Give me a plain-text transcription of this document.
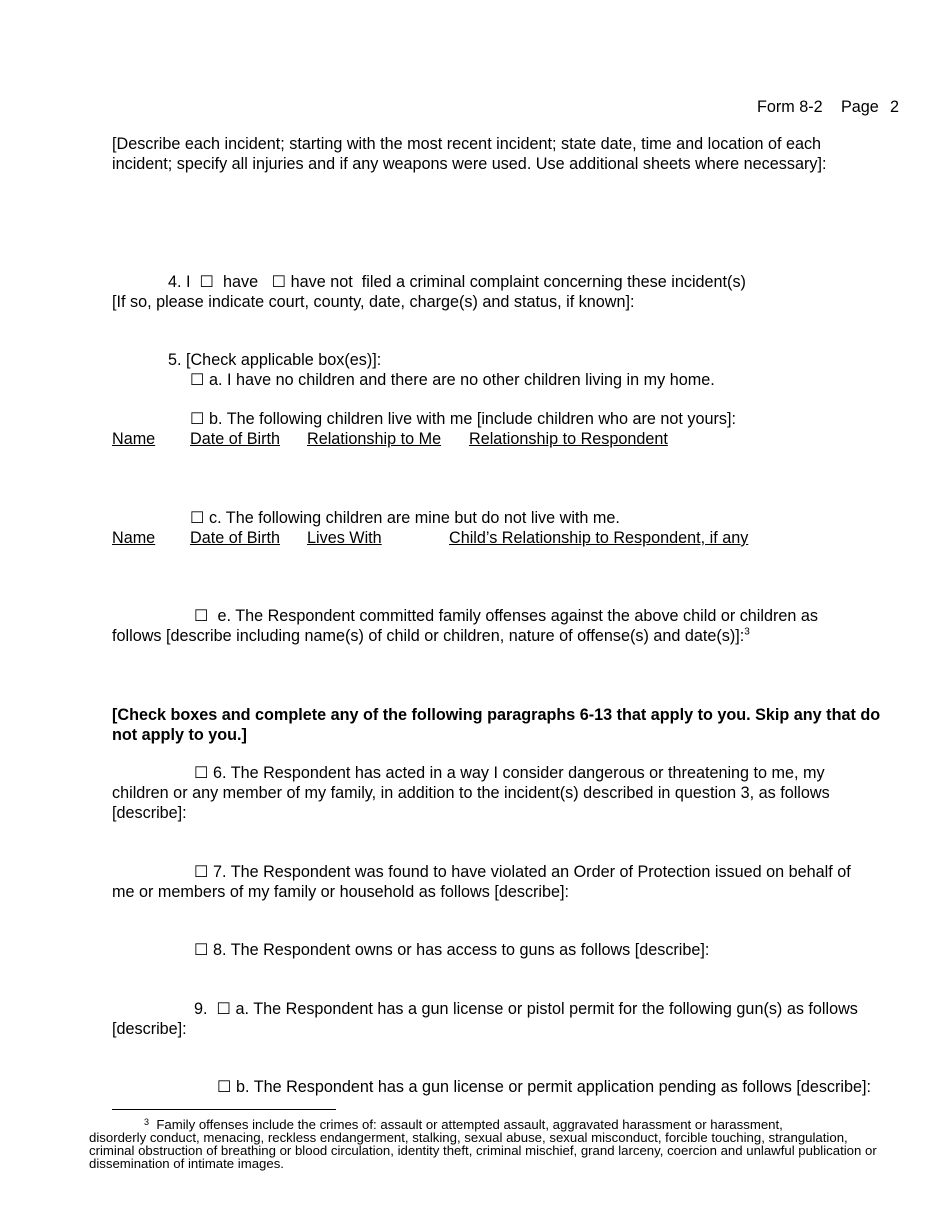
Form 8-2 Page 2
[Describe each incident; starting with the most recent incident; state date, time and location of each incident; specify all injuries and if any weapons were used. Use additional sheets where necessary]:
4. I ☐ have ☐ have not filed a criminal complaint concerning these incident(s)
[If so, please indicate court, county, date, charge(s) and status, if known]:
5. [Check applicable box(es)]:
☐ a. I have no children and there are no other children living in my home.
☐ b. The following children live with me [include children who are not yours]:
Name Date of Birth Relationship to Me Relationship to Respondent
☐ c. The following children are mine but do not live with me.
Name Date of Birth Lives With	Child’s Relationship to Respondent, if any
☐ e. The Respondent committed family offenses against the above child or children as
follows [describe including name(s) of child or children, nature of offense(s) and date(s)]:$^3$
[Check boxes and complete any of the following paragraphs 6-13 that apply to you. Skip any that do not apply to you.]
☐ 6. The Respondent has acted in a way I consider dangerous or threatening to me, my
children or any member of my family, in addition to the incident(s) described in question 3, as follows [describe]:
☐ 7. The Respondent was found to have violated an Order of Protection issued on behalf of
me or members of my family or household as follows [describe]:
☐ 8. The Respondent owns or has access to guns as follows [describe]:
9. ☐ a. The Respondent has a gun license or pistol permit for the following gun(s) as follows
[describe]:
☐ b. The Respondent has a gun license or permit application pending as follows [describe]:
$^3$ Family offenses include the crimes of: assault or attempted assault, aggravated harassment or harassment,
disorderly conduct, menacing, reckless endangerment, stalking, sexual abuse, sexual misconduct, forcible touching, strangulation, criminal obstruction of breathing or blood circulation, identity theft, criminal mischief, grand larceny, coercion and unlawful publication or dissemination of intimate images.
